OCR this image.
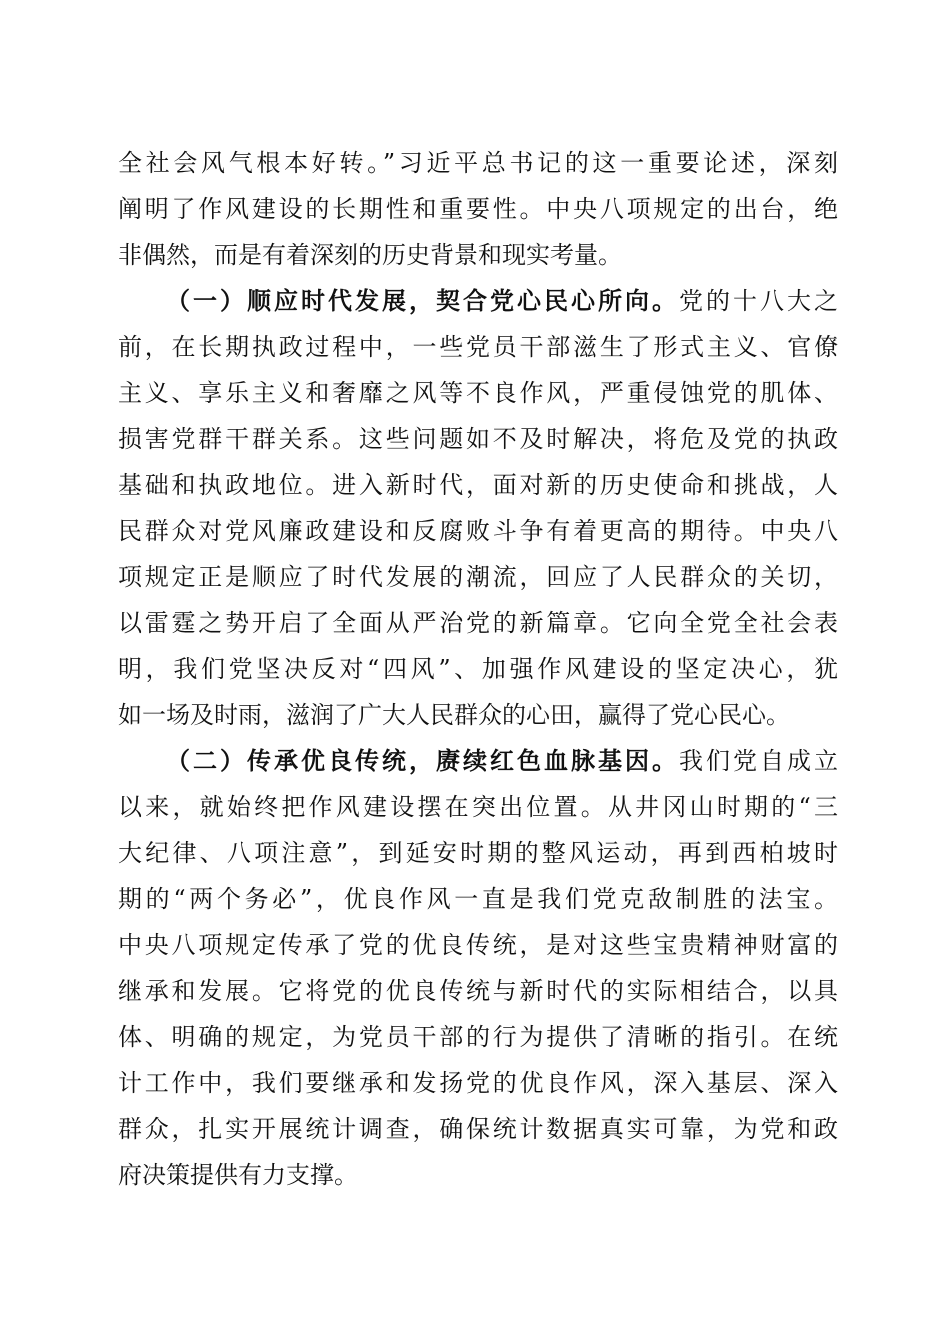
全社会风气根本好转。”习近平总书记的这一重要论述，深刻
阐明了作风建设的长期性和重要性。中央八项规定的出台，绝
非偶然，而是有着深刻的历史背景和现实考量。
（一）顺应时代发展，契合党心民心所向。党的十八大之
前，在长期执政过程中，一些党员干部滋生了形式主义、官僚
主义、享乐主义和奢靡之风等不良作风，严重侵蚀党的肌体、
损害党群干群关系。这些问题如不及时解决，将危及党的执政
基础和执政地位。进入新时代，面对新的历史使命和挑战，人
民群众对党风廉政建设和反腐败斗争有着更高的期待。中央八
项规定正是顺应了时代发展的潮流，回应了人民群众的关切，
以雷霆之势开启了全面从严治党的新篇章。它向全党全社会表
明，我们党坚决反对“四风”、加强作风建设的坚定决心，犹
如一场及时雨，滋润了广大人民群众的心田，赢得了党心民心。
（二）传承优良传统，赓续红色血脉基因。我们党自成立
以来，就始终把作风建设摆在突出位置。从井冈山时期的“三
大纪律、八项注意”，到延安时期的整风运动，再到西柏坡时
期的“两个务必”，优良作风一直是我们党克敌制胜的法宝。
中央八项规定传承了党的优良传统，是对这些宝贵精神财富的
继承和发展。它将党的优良传统与新时代的实际相结合，以具
体、明确的规定，为党员干部的行为提供了清晰的指引。在统
计工作中，我们要继承和发扬党的优良作风，深入基层、深入
群众，扎实开展统计调查，确保统计数据真实可靠，为党和政
府决策提供有力支撑。
